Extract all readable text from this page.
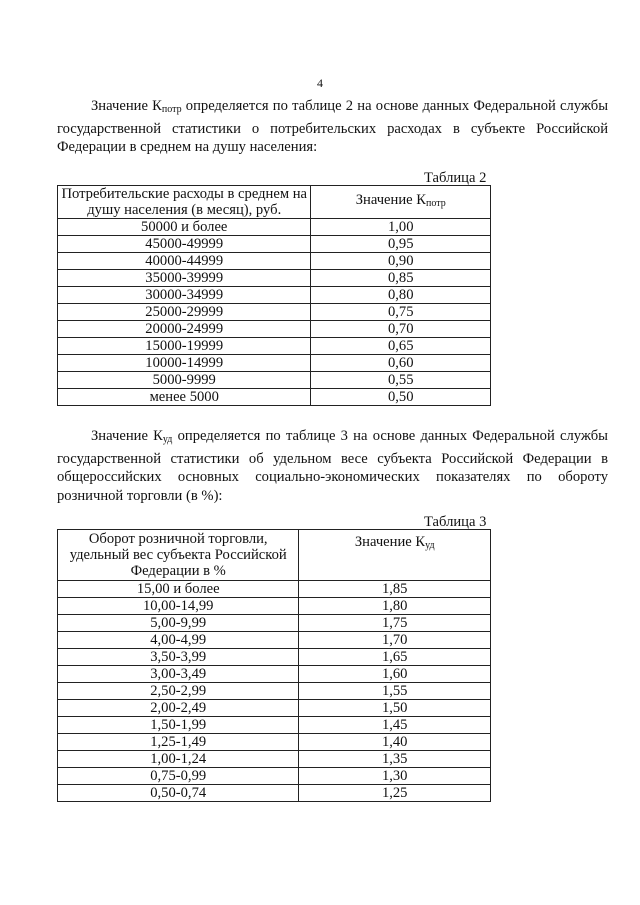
4

Значение $К_{потр}$ определяется по таблице 2 на основе данных Федеральной службы государственной статистики о потребительских расходах в субъекте Российской Федерации в среднем на душу населения:

Таблица 2
Потребительские расходы в среднем на душу населения (в месяц), руб.	Значение $К_{потр}$
50000 и более	1,00
45000-49999	0,95
40000-44999	0,90
35000-39999	0,85
30000-34999	0,80
25000-29999	0,75
20000-24999	0,70
15000-19999	0,65
10000-14999	0,60
5000-9999	0,55
менее 5000	0,50

Значение $К_{уд}$ определяется по таблице 3 на основе данных Федеральной службы государственной статистики об удельном весе субъекта Российской Федерации в общероссийских основных социально-экономических показателях по обороту розничной торговли (в %):

Таблица 3
Оборот розничной торговли, удельный вес субъекта Российской Федерации в %	Значение $К_{уд}$
15,00 и более	1,85
10,00-14,99	1,80
5,00-9,99	1,75
4,00-4,99	1,70
3,50-3,99	1,65
3,00-3,49	1,60
2,50-2,99	1,55
2,00-2,49	1,50
1,50-1,99	1,45
1,25-1,49	1,40
1,00-1,24	1,35
0,75-0,99	1,30
0,50-0,74	1,25
